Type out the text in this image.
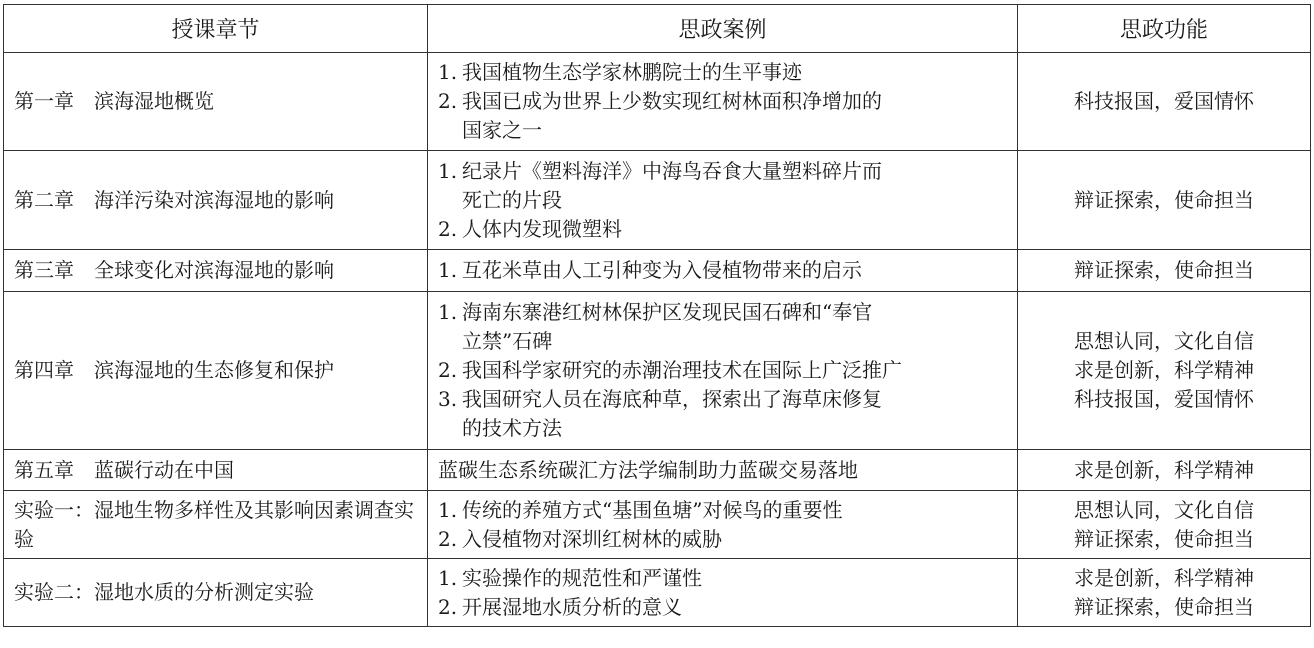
授课章节	思政案例	思政功能
第一章　滨海湿地概览	1. 我国植物生态学家林鹏院士的生平事迹
2. 我国已成为世界上少数实现红树林面积净增加的
国家之一	科技报国，爱国情怀

第二章　海洋污染对滨海湿地的影响	1. 纪录片《塑料海洋》中海鸟吞食大量塑料碎片而
死亡的片段
2. 人体内发现微塑料	辩证探索，使命担当

第三章　全球变化对滨海湿地的影响	1. 互花米草由人工引种变为入侵植物带来的启示	辩证探索，使命担当

第四章　滨海湿地的生态修复和保护	1. 海南东寨港红树林保护区发现民国石碑和“奉官
立禁”石碑
2. 我国科学家研究的赤潮治理技术在国际上广泛推广
3. 我国研究人员在海底种草，探索出了海草床修复
的技术方法	思想认同，文化自信
求是创新，科学精神
科技报国，爱国情怀

第五章　蓝碳行动在中国	蓝碳生态系统碳汇方法学编制助力蓝碳交易落地	求是创新，科学精神

实验一：湿地生物多样性及其影响因素调查实验	1. 传统的养殖方式“基围鱼塘”对候鸟的重要性
2. 入侵植物对深圳红树林的威胁	思想认同，文化自信
辩证探索，使命担当

实验二：湿地水质的分析测定实验	1. 实验操作的规范性和严谨性
2. 开展湿地水质分析的意义	求是创新，科学精神
辩证探索，使命担当
